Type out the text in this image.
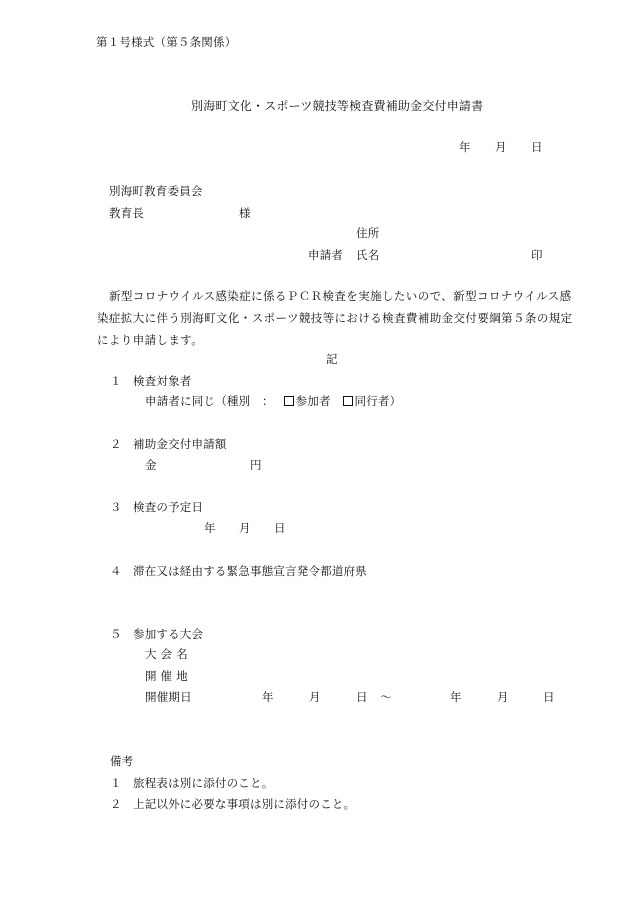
第１号様式（第５条関係）
別海町文化・スポーツ競技等検査費補助金交付申請書
年 月 日
別海町教育委員会
教育長	様
住所
申請者 氏名	印
新型コロナウイルス感染症に係るＰＣＲ検査を実施したいので、新型コロナウイルス感染症拡大に伴う別海町文化・スポーツ競技等における検査費補助金交付要綱第５条の規定により申請します。
記
１ 検査対象者
申請者に同じ（種別　： 参加者 同行者）
２ 補助金交付申請額
金	円
３ 検査の予定日
年 月 日
４ 滞在又は経由する緊急事態宣言発令都道府県
５ 参加する大会
大 会 名
開 催 地
開催期日	年	月	日 ～	年	月	日
備考
１ 旅程表は別に添付のこと。
２ 上記以外に必要な事項は別に添付のこと。
